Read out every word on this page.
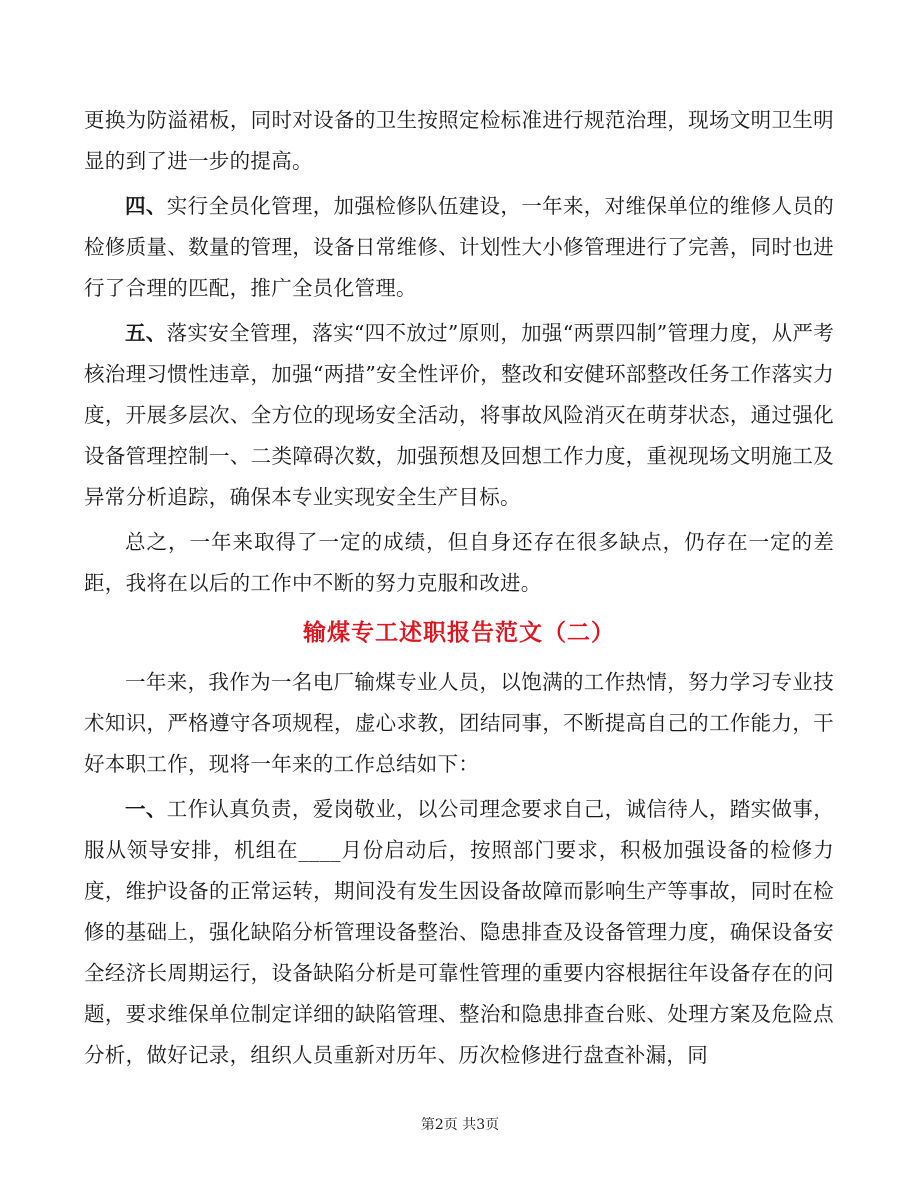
更换为防溢裙板，同时对设备的卫生按照定检标准进行规范治理，现场文明卫生明显的到了进一步的提高。

四、实行全员化管理，加强检修队伍建设，一年来，对维保单位的维修人员的检修质量、数量的管理，设备日常维修、计划性大小修管理进行了完善，同时也进行了合理的匹配，推广全员化管理。

五、落实安全管理，落实“四不放过”原则，加强“两票四制”管理力度，从严考核治理习惯性违章，加强“两措”安全性评价，整改和安健环部整改任务工作落实力度，开展多层次、全方位的现场安全活动，将事故风险消灭在萌芽状态，通过强化设备管理控制一、二类障碍次数，加强预想及回想工作力度，重视现场文明施工及异常分析追踪，确保本专业实现安全生产目标。

总之，一年来取得了一定的成绩，但自身还存在很多缺点，仍存在一定的差距，我将在以后的工作中不断的努力克服和改进。

输煤专工述职报告范文（二）

一年来，我作为一名电厂输煤专业人员，以饱满的工作热情，努力学习专业技术知识，严格遵守各项规程，虚心求教，团结同事，不断提高自己的工作能力，干好本职工作，现将一年来的工作总结如下：

一、工作认真负责，爱岗敬业，以公司理念要求自己，诚信待人，踏实做事，服从领导安排，机组在____月份启动后，按照部门要求，积极加强设备的检修力度，维护设备的正常运转，期间没有发生因设备故障而影响生产等事故，同时在检修的基础上，强化缺陷分析管理设备整治、隐患排查及设备管理力度，确保设备安全经济长周期运行，设备缺陷分析是可靠性管理的重要内容根据往年设备存在的问题，要求维保单位制定详细的缺陷管理、整治和隐患排查台账、处理方案及危险点分析，做好记录，组织人员重新对历年、历次检修进行盘查补漏，同

第2页 共3页
